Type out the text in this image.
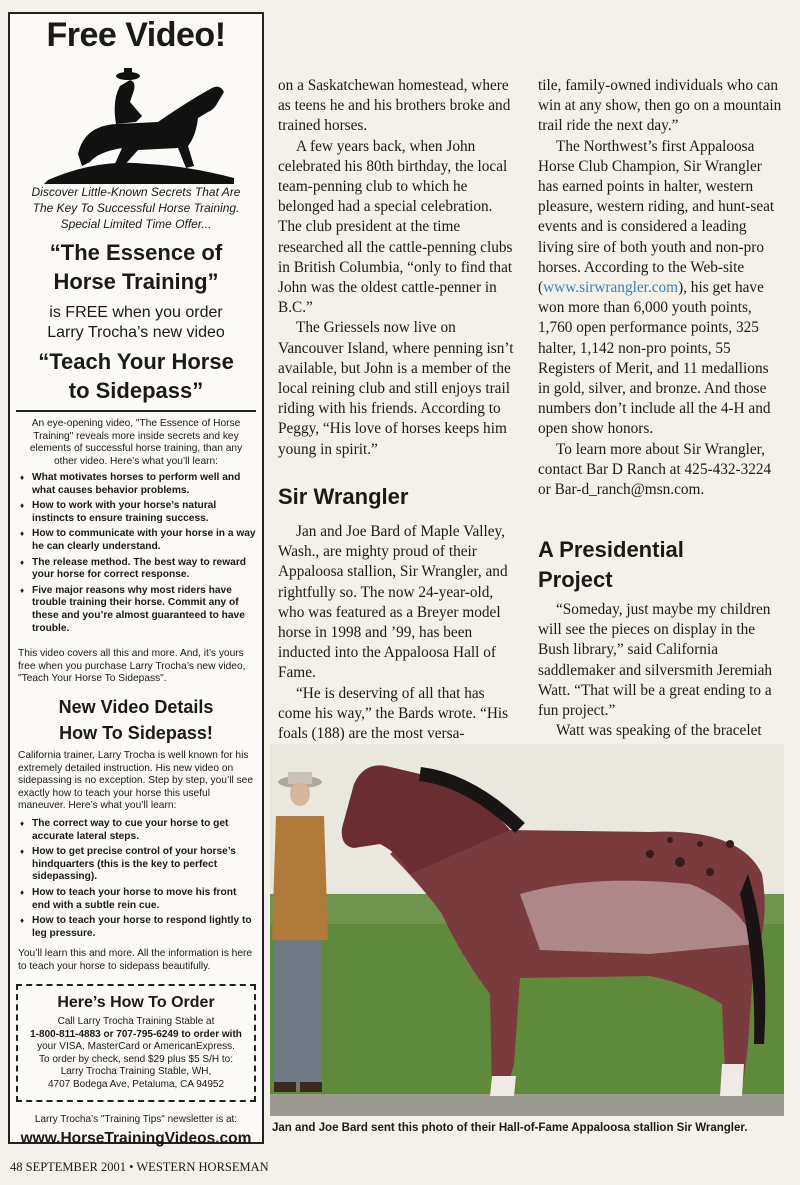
Free Video!
Discover Little-Known Secrets That Are
The Key To Successful Horse Training.
Special Limited Time Offer...
“The Essence of
Horse Training”
is FREE when you order
Larry Trocha’s new video
“Teach Your Horse
to Sidepass”
An eye-opening video, "The Essence of Horse Training" reveals more inside secrets and key elements of successful horse training, than any other video. Here’s what you’ll learn:
♦ What motivates horses to perform well and what causes behavior problems.
♦ How to work with your horse’s natural instincts to ensure training success.
♦ How to communicate with your horse in a way he can clearly understand.
♦ The release method. The best way to reward your horse for correct response.
♦ Five major reasons why most riders have trouble training their horse. Commit any of these and you’re almost guaranteed to have trouble.
This video covers all this and more. And, it’s yours free when you purchase Larry Trocha’s new video, "Teach Your Horse To Sidepass".
New Video Details
How To Sidepass!
California trainer, Larry Trocha is well known for his extremely detailed instruction. His new video on sidepassing is no exception. Step by step, you’ll see exactly how to teach your horse this useful maneuver. Here’s what you’ll learn:
♦ The correct way to cue your horse to get accurate lateral steps.
♦ How to get precise control of your horse’s hindquarters (this is the key to perfect sidepassing).
♦ How to teach your horse to move his front end with a subtle rein cue.
♦ How to teach your horse to respond lightly to leg pressure.
You’ll learn this and more. All the information is here to teach your horse to sidepass beautifully.
Here’s How To Order
Call Larry Trocha Training Stable at
1-800-811-4883 or 707-795-6249 to order with
your VISA, MasterCard or AmericanExpress.
To order by check, send $29 plus $5 S/H to:
Larry Trocha Training Stable, WH,
4707 Bodega Ave, Petaluma, CA 94952
Larry Trocha’s "Training Tips" newsletter is at:
www.HorseTrainingVideos.com

on a Saskatchewan homestead, where as teens he and his brothers broke and trained horses.

A few years back, when John celebrated his 80th birthday, the local team-penning club to which he belonged had a special celebration. The club president at the time researched all the cattle-penning clubs in British Columbia, “only to find that John was the oldest cattle-penner in B.C.”

The Griessels now live on Vancouver Island, where penning isn’t available, but John is a member of the local reining club and still enjoys trail riding with his friends. According to Peggy, “His love of horses keeps him young in spirit.”

Sir Wrangler

Jan and Joe Bard of Maple Valley, Wash., are mighty proud of their Appaloosa stallion, Sir Wrangler, and rightfully so. The now 24-year-old, who was featured as a Breyer model horse in 1998 and ’99, has been inducted into the Appaloosa Hall of Fame.

“He is deserving of all that has come his way,” the Bards wrote. “His foals (188) are the most versa-

tile, family-owned individuals who can win at any show, then go on a mountain trail ride the next day.”

The Northwest’s first Appaloosa Horse Club Champion, Sir Wrangler has earned points in halter, western pleasure, western riding, and hunt-seat events and is considered a leading living sire of both youth and non-pro horses. According to the Web-site (www.sirwrangler.com), his get have won more than 6,000 youth points, 1,760 open performance points, 325 halter, 1,142 non-pro points, 55 Registers of Merit, and 11 medallions in gold, silver, and bronze. And those numbers don’t include all the 4-H and open show honors.

To learn more about Sir Wrangler, contact Bar D Ranch at 425-432-3224 or Bar-d_ranch@msn.com.

A Presidential
Project

“Someday, just maybe my children will see the pieces on display in the Bush library,” said California saddlemaker and silversmith Jeremiah Watt. “That will be a great ending to a fun project.”

Watt was speaking of the bracelet

Jan and Joe Bard sent this photo of their Hall-of-Fame Appaloosa stallion Sir Wrangler.
48 SEPTEMBER 2001 • WESTERN HORSEMAN
